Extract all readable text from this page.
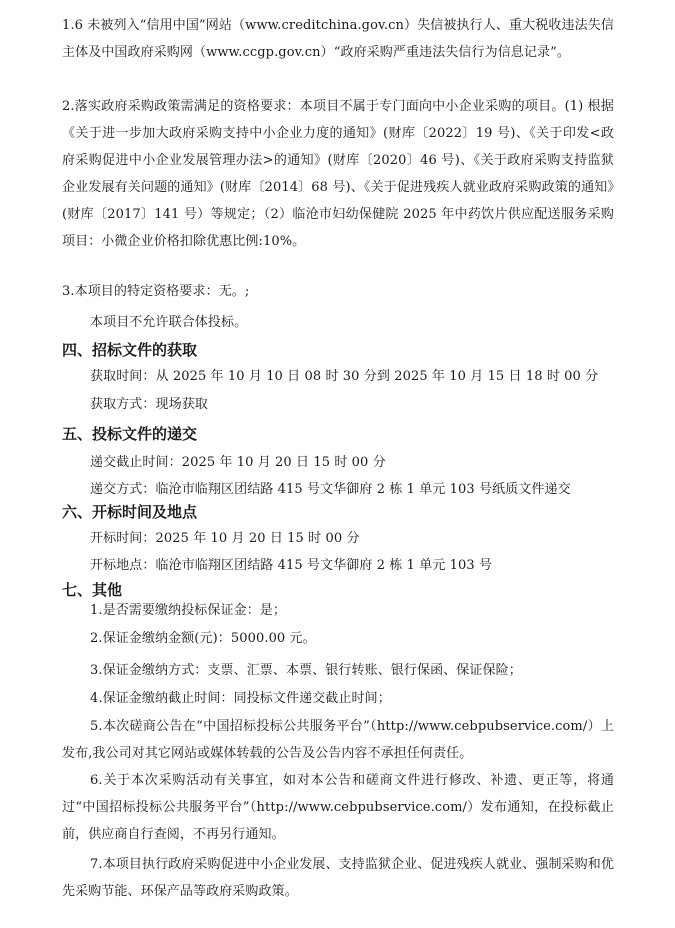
1.6 未被列入“信用中国”网站（www.creditchina.gov.cn）失信被执行人、重大税收违法失信主体及中国政府采购网（www.ccgp.gov.cn）“政府采购严重违法失信行为信息记录”。

2.落实政府采购政策需满足的资格要求：本项目不属于专门面向中小企业采购的项目。(1) 根据《关于进一步加大政府采购支持中小企业力度的通知》(财库〔2022〕19 号)、《关于印发<政府采购促进中小企业发展管理办法>的通知》(财库〔2020〕46 号)、《关于政府采购支持监狱企业发展有关问题的通知》(财库〔2014〕68 号)、《关于促进残疾人就业政府采购政策的通知》(财库〔2017〕141 号）等规定；（2）临沧市妇幼保健院 2025 年中药饮片供应配送服务采购项目：小微企业价格扣除优惠比例:10%。

3.本项目的特定资格要求：无。;

本项目不允许联合体投标。

四、招标文件的获取

获取时间：从 2025 年 10 月 10 日 08 时 30 分到 2025 年 10 月 15 日 18 时 00 分

获取方式：现场获取

五、投标文件的递交

递交截止时间：2025 年 10 月 20 日 15 时 00 分

递交方式：临沧市临翔区团结路 415 号文华御府 2 栋 1 单元 103 号纸质文件递交

六、开标时间及地点

开标时间：2025 年 10 月 20 日 15 时 00 分

开标地点：临沧市临翔区团结路 415 号文华御府 2 栋 1 单元 103 号

七、其他

1.是否需要缴纳投标保证金：是；

2.保证金缴纳金额(元)：5000.00 元。

3.保证金缴纳方式：支票、汇票、本票、银行转账、银行保函、保证保险；

4.保证金缴纳截止时间：同投标文件递交截止时间；

5.本次磋商公告在“中国招标投标公共服务平台”（http://www.cebpubservice.com/）上发布,我公司对其它网站或媒体转载的公告及公告内容不承担任何责任。

6.关于本次采购活动有关事宜，如对本公告和磋商文件进行修改、补遗、更正等，将通过“中国招标投标公共服务平台”（http://www.cebpubservice.com/）发布通知，在投标截止前，供应商自行查阅，不再另行通知。

7.本项目执行政府采购促进中小企业发展、支持监狱企业、促进残疾人就业、强制采购和优先采购节能、环保产品等政府采购政策。
